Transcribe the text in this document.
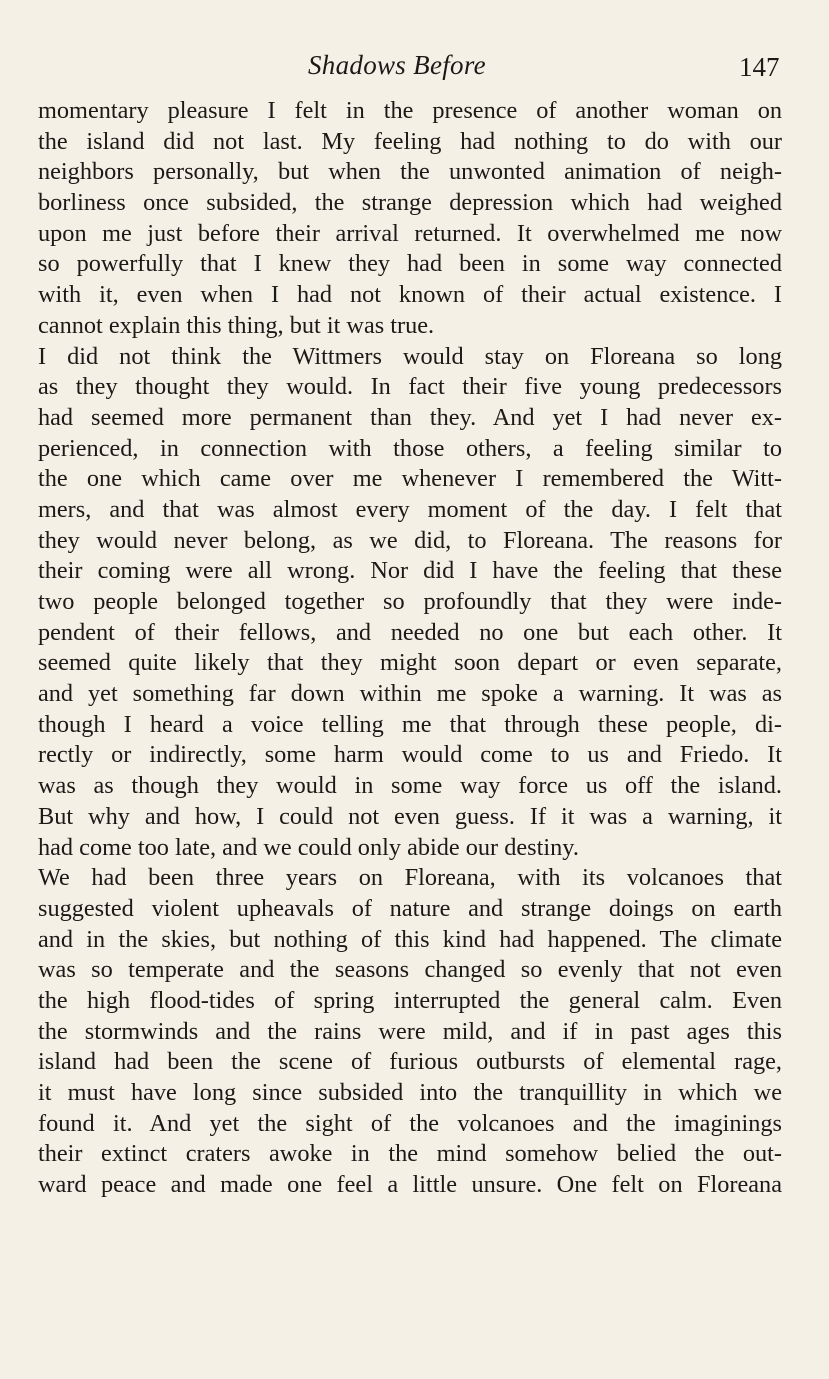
Shadows Before	147
momentary pleasure I felt in the presence of another woman on
the island did not last. My feeling had nothing to do with our
neighbors personally, but when the unwonted animation of neigh-
borliness once subsided, the strange depression which had weighed
upon me just before their arrival returned. It overwhelmed me now
so powerfully that I knew they had been in some way connected
with it, even when I had not known of their actual existence. I
cannot explain this thing, but it was true.
I did not think the Wittmers would stay on Floreana so long
as they thought they would. In fact their five young predecessors
had seemed more permanent than they. And yet I had never ex-
perienced, in connection with those others, a feeling similar to
the one which came over me whenever I remembered the Witt-
mers, and that was almost every moment of the day. I felt that
they would never belong, as we did, to Floreana. The reasons for
their coming were all wrong. Nor did I have the feeling that these
two people belonged together so profoundly that they were inde-
pendent of their fellows, and needed no one but each other. It
seemed quite likely that they might soon depart or even separate,
and yet something far down within me spoke a warning. It was as
though I heard a voice telling me that through these people, di-
rectly or indirectly, some harm would come to us and Friedo. It
was as though they would in some way force us off the island.
But why and how, I could not even guess. If it was a warning, it
had come too late, and we could only abide our destiny.
We had been three years on Floreana, with its volcanoes that
suggested violent upheavals of nature and strange doings on earth
and in the skies, but nothing of this kind had happened. The climate
was so temperate and the seasons changed so evenly that not even
the high flood-tides of spring interrupted the general calm. Even
the stormwinds and the rains were mild, and if in past ages this
island had been the scene of furious outbursts of elemental rage,
it must have long since subsided into the tranquillity in which we
found it. And yet the sight of the volcanoes and the imaginings
their extinct craters awoke in the mind somehow belied the out-
ward peace and made one feel a little unsure. One felt on Floreana
